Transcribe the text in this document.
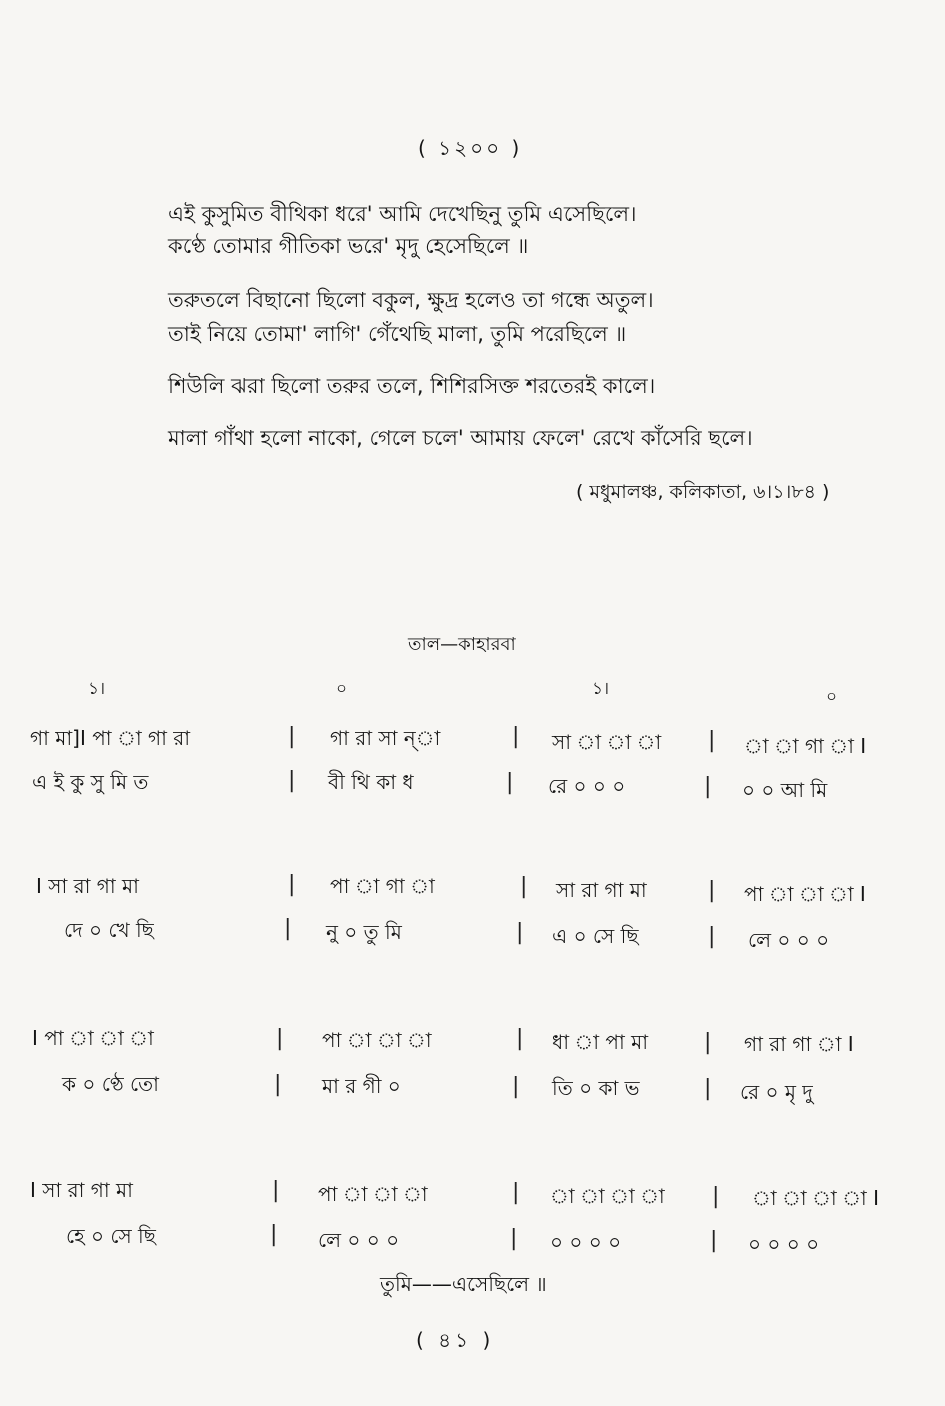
( ১২০০ )
এই কুসুমিত বীথিকা ধরে' আমি দেখেছিনু তুমি এসেছিলে।
কণ্ঠে তোমার গীতিকা ভরে' মৃদু হেসেছিলে ॥
তরুতলে বিছানো ছিলো বকুল, ক্ষুদ্র হলেও তা গন্ধে অতুল।
তাই নিয়ে তোমা' লাগি' গেঁথেছি মালা, তুমি পরেছিলে ॥
শিউলি ঝরা ছিলো তরুর তলে, শিশিরসিক্ত শরতেরই কালে।
মালা গাঁথা হলো নাকো, গেলে চলে' আমায় ফেলে' রেখে কাঁসেরি ছলে।
( মধুমালঞ্চ, কলিকাতা, ৬।১।৮৪ )
তাল—কাহারবা
১।	০	১।	০
গা মা]I পা া গা রা	| গা রা সা ন্‌া	| সা া া া | া া গা া I
এ ই কু সু মি ত	| বী থি কা ধ	| রে ০ ০ ০	| ০ ০ আ মি
I সা রা গা মা	| পা া গা া	| সা রা গা মা	| পা া া া I
দে ০ খে ছি	| নু ০ তু মি	| এ ০ সে ছি	| লে ০ ০ ০
I পা া া া	| পা া া া	| ধা া পা মা	| গা রা গা া I
ক ০ ণ্ঠে তো	| মা র গী ০	| তি ০ কা ভ	| রে ০ মৃ দু
I সা রা গা মা	| পা া া া	| া া া া | া া া া I
হে ০ সে ছি	| লে ০ ০ ০	| ০ ০ ০ ০	| ০ ০ ০ ০
তুমি——এসেছিলে ॥
( ৪১ )
